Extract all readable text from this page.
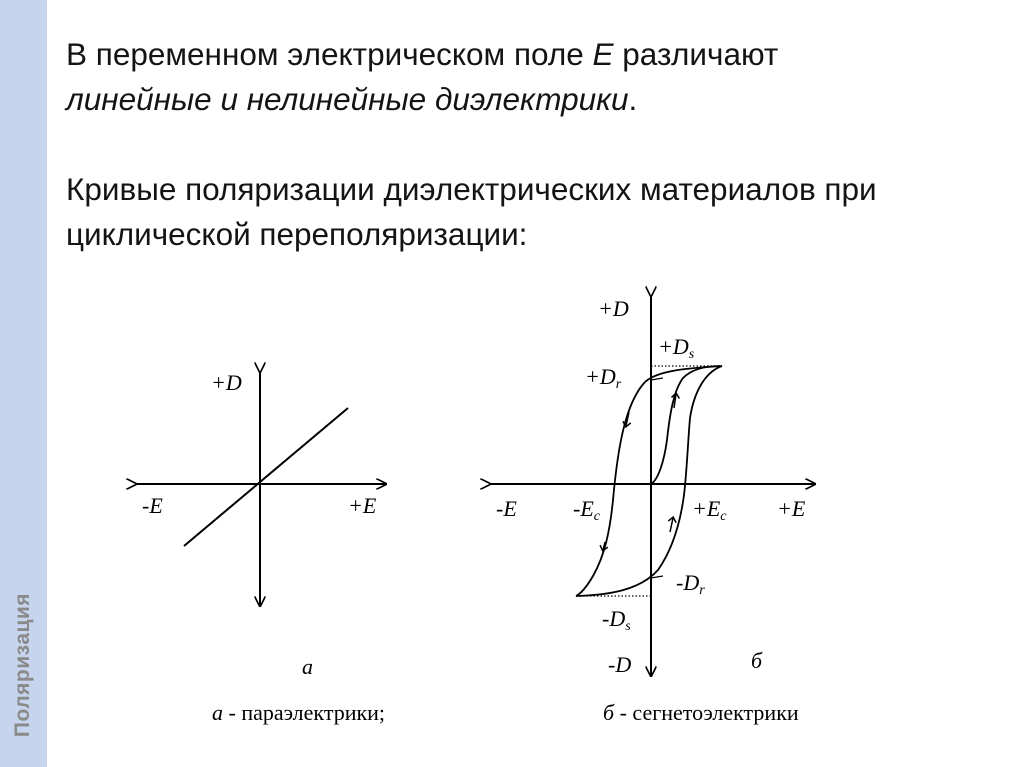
Поляризация

В переменном электрическом поле E различают
линейные и нелинейные диэлектрики.

Кривые поляризации диэлектрических материалов при циклической переполяризации:

+D
-E	+E
а
+D
-D
-E	+E
+Ds
+Dr
-Dr
-Ds
-Ec	+Ec
б
а - параэлектрики;	б - сегнетоэлектрики
